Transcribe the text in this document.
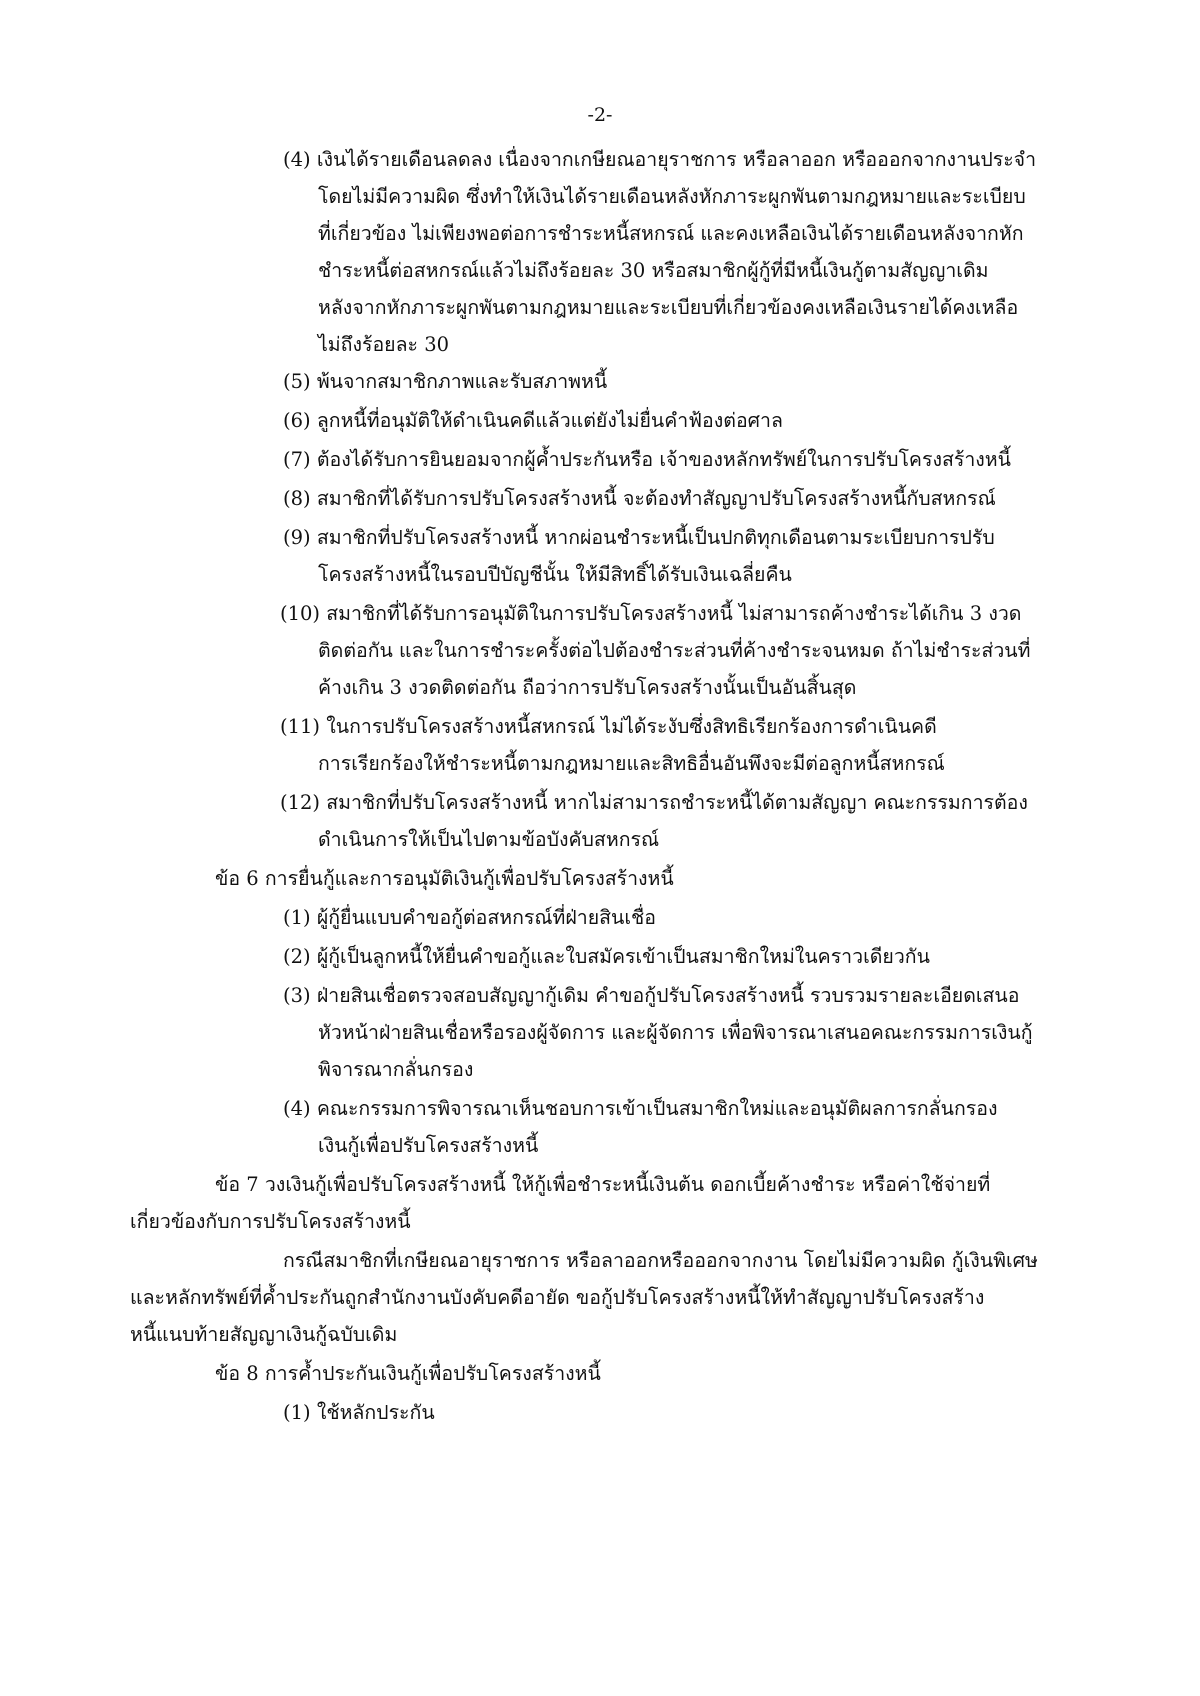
-2-
(4) เงินได้รายเดือนลดลง เนื่องจากเกษียณอายุราชการ หรือลาออก หรือออกจากงานประจำ
โดยไม่มีความผิด ซึ่งทำให้เงินได้รายเดือนหลังหักภาระผูกพันตามกฎหมายและระเบียบ
ที่เกี่ยวข้อง ไม่เพียงพอต่อการชำระหนี้สหกรณ์ และคงเหลือเงินได้รายเดือนหลังจากหัก
ชำระหนี้ต่อสหกรณ์แล้วไม่ถึงร้อยละ 30 หรือสมาชิกผู้กู้ที่มีหนี้เงินกู้ตามสัญญาเดิม
หลังจากหักภาระผูกพันตามกฎหมายและระเบียบที่เกี่ยวข้องคงเหลือเงินรายได้คงเหลือ
ไม่ถึงร้อยละ 30
(5) พ้นจากสมาชิกภาพและรับสภาพหนี้
(6) ลูกหนี้ที่อนุมัติให้ดำเนินคดีแล้วแต่ยังไม่ยื่นคำฟ้องต่อศาล
(7) ต้องได้รับการยินยอมจากผู้ค้ำประกันหรือ เจ้าของหลักทรัพย์ในการปรับโครงสร้างหนี้
(8) สมาชิกที่ได้รับการปรับโครงสร้างหนี้ จะต้องทำสัญญาปรับโครงสร้างหนี้กับสหกรณ์
(9) สมาชิกที่ปรับโครงสร้างหนี้ หากผ่อนชำระหนี้เป็นปกติทุกเดือนตามระเบียบการปรับ
โครงสร้างหนี้ในรอบปีบัญชีนั้น ให้มีสิทธิ์ได้รับเงินเฉลี่ยคืน
(10) สมาชิกที่ได้รับการอนุมัติในการปรับโครงสร้างหนี้ ไม่สามารถค้างชำระได้เกิน 3 งวด
ติดต่อกัน และในการชำระครั้งต่อไปต้องชำระส่วนที่ค้างชำระจนหมด ถ้าไม่ชำระส่วนที่
ค้างเกิน 3 งวดติดต่อกัน ถือว่าการปรับโครงสร้างนั้นเป็นอันสิ้นสุด
(11) ในการปรับโครงสร้างหนี้สหกรณ์ ไม่ได้ระงับซึ่งสิทธิเรียกร้องการดำเนินคดี
การเรียกร้องให้ชำระหนี้ตามกฎหมายและสิทธิอื่นอันพึงจะมีต่อลูกหนี้สหกรณ์
(12) สมาชิกที่ปรับโครงสร้างหนี้ หากไม่สามารถชำระหนี้ได้ตามสัญญา คณะกรรมการต้อง
ดำเนินการให้เป็นไปตามข้อบังคับสหกรณ์
ข้อ 6 การยื่นกู้และการอนุมัติเงินกู้เพื่อปรับโครงสร้างหนี้
(1) ผู้กู้ยื่นแบบคำขอกู้ต่อสหกรณ์ที่ฝ่ายสินเชื่อ
(2) ผู้กู้เป็นลูกหนี้ให้ยื่นคำขอกู้และใบสมัครเข้าเป็นสมาชิกใหม่ในคราวเดียวกัน
(3) ฝ่ายสินเชื่อตรวจสอบสัญญากู้เดิม คำขอกู้ปรับโครงสร้างหนี้ รวบรวมรายละเอียดเสนอ
หัวหน้าฝ่ายสินเชื่อหรือรองผู้จัดการ และผู้จัดการ เพื่อพิจารณาเสนอคณะกรรมการเงินกู้
พิจารณากลั่นกรอง
(4) คณะกรรมการพิจารณาเห็นชอบการเข้าเป็นสมาชิกใหม่และอนุมัติผลการกลั่นกรอง
เงินกู้เพื่อปรับโครงสร้างหนี้
ข้อ 7 วงเงินกู้เพื่อปรับโครงสร้างหนี้ ให้กู้เพื่อชำระหนี้เงินต้น ดอกเบี้ยค้างชำระ หรือค่าใช้จ่ายที่
เกี่ยวข้องกับการปรับโครงสร้างหนี้
กรณีสมาชิกที่เกษียณอายุราชการ หรือลาออกหรือออกจากงาน โดยไม่มีความผิด กู้เงินพิเศษ
และหลักทรัพย์ที่ค้ำประกันถูกสำนักงานบังคับคดีอายัด ขอกู้ปรับโครงสร้างหนี้ให้ทำสัญญาปรับโครงสร้าง
หนี้แนบท้ายสัญญาเงินกู้ฉบับเดิม
ข้อ 8 การค้ำประกันเงินกู้เพื่อปรับโครงสร้างหนี้
(1) ใช้หลักประกัน
